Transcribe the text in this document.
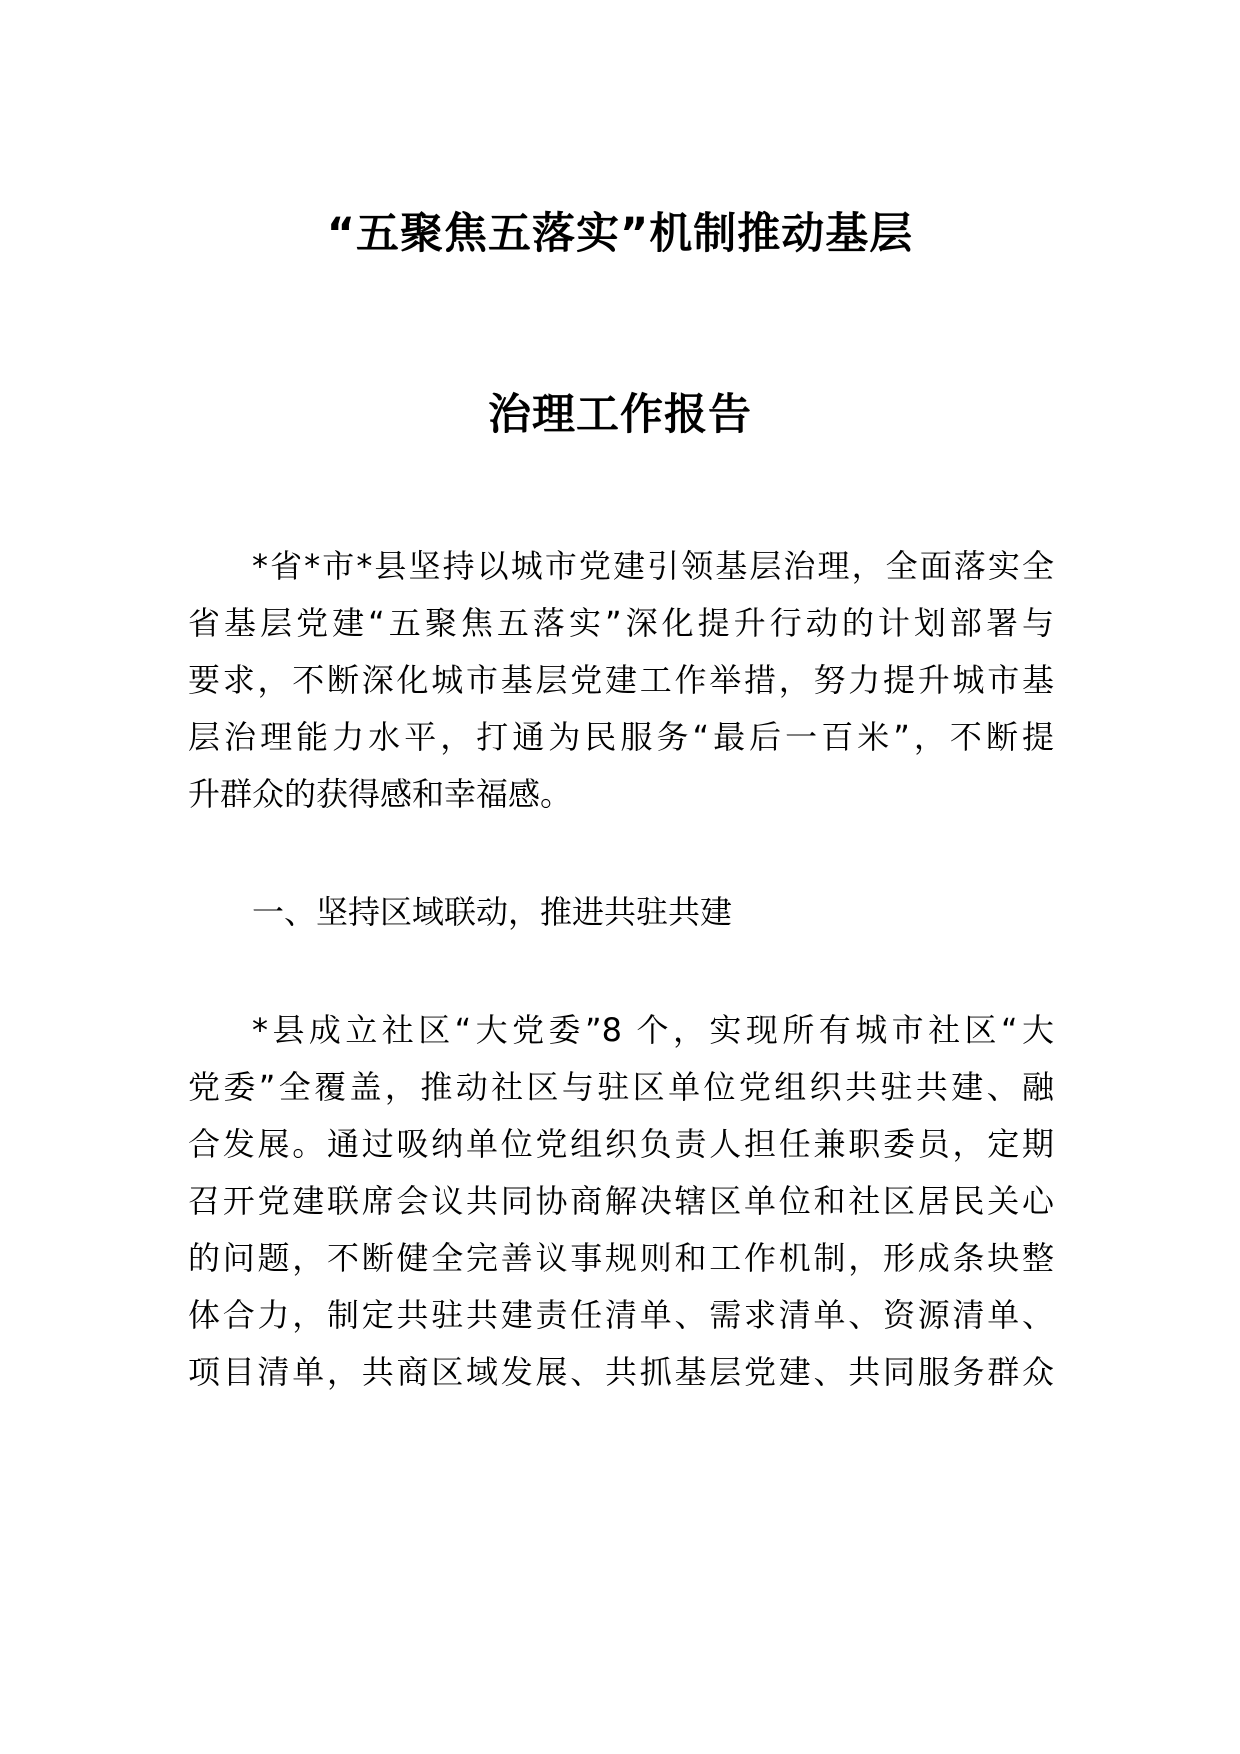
“五聚焦五落实”机制推动基层
治理工作报告
*省*市*县坚持以城市党建引领基层治理，全面落实全
省基层党建“五聚焦五落实”深化提升行动的计划部署与
要求，不断深化城市基层党建工作举措，努力提升城市基
层治理能力水平，打通为民服务“最后一百米”，不断提
升群众的获得感和幸福感。
一、坚持区域联动，推进共驻共建
*县成立社区“大党委”8 个，实现所有城市社区“大
党委”全覆盖，推动社区与驻区单位党组织共驻共建、融
合发展。通过吸纳单位党组织负责人担任兼职委员，定期
召开党建联席会议共同协商解决辖区单位和社区居民关心
的问题，不断健全完善议事规则和工作机制，形成条块整
体合力，制定共驻共建责任清单、需求清单、资源清单、
项目清单，共商区域发展、共抓基层党建、共同服务群众
